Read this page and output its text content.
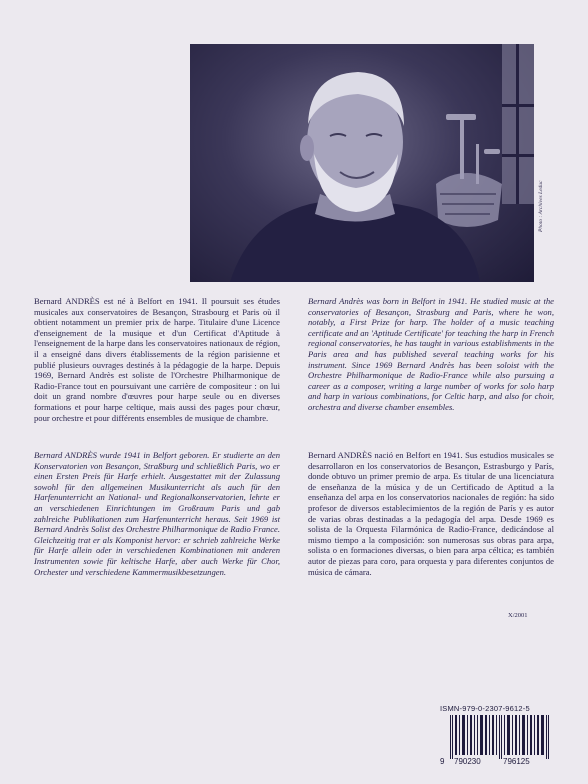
Photo : Archives Leduc

Bernard ANDRÈS est né à Belfort en 1941. Il poursuit ses études musicales aux conservatoires de Besançon, Strasbourg et Paris où il obtient notamment un premier prix de harpe. Titulaire d'une Licence d'enseignement de la musique et d'un Certificat d'Aptitude à l'enseignement de la harpe dans les conservatoires nationaux de région, il a enseigné dans divers établissements de la région parisienne et publié plusieurs ouvrages destinés à la pédagogie de la harpe. Depuis 1969, Bernard Andrès est soliste de l'Orchestre Philharmonique de Radio-France tout en poursuivant une carrière de compositeur : on lui doit un grand nombre d'œuvres pour harpe seule ou en diverses formations et pour harpe celtique, mais aussi des pages pour chœur, pour orchestre et pour différents ensembles de musique de chambre.

Bernard Andrès was born in Belfort in 1941. He studied music at the conservatories of Besançon, Strasburg and Paris, where he won, notably, a First Prize for harp. The holder of a music teaching certificate and an 'Aptitude Certificate' for teaching the harp in French regional conservatories, he has taught in various establishments in the Paris area and has published several teaching works for his instrument. Since 1969 Bernard Andrès has been soloist with the Orchestre Philharmonique de Radio-France while also pursuing a career as a composer, writing a large number of works for solo harp and harp in various combinations, for Celtic harp, and also for choir, orchestra and diverse chamber ensembles.

Bernard ANDRÈS wurde 1941 in Belfort geboren. Er studierte an den Konservatorien von Besançon, Straßburg und schließlich Paris, wo er einen Ersten Preis für Harfe erhielt. Ausgestattet mit der Zulassung sowohl für den allgemeinen Musikunterricht als auch für den Harfenunterricht an National- und Regionalkonservatorien, lehrte er an verschiedenen Einrichtungen im Großraum Paris und gab zahlreiche Publikationen zum Harfenunterricht heraus. Seit 1969 ist Bernard Andrès Solist des Orchestre Philharmonique de Radio France. Gleichzeitig trat er als Komponist hervor: er schrieb zahlreiche Werke für Harfe allein oder in verschiedenen Kombinationen mit anderen Instrumenten sowie für keltische Harfe, aber auch Werke für Chor, Orchester und verschiedene Kammermusikbesetzungen.

Bernard ANDRÈS nació en Belfort en 1941. Sus estudios musicales se desarrollaron en los conservatorios de Besançon, Estrasburgo y París, donde obtuvo un primer premio de arpa. Es titular de una licenciatura de enseñanza de la música y de un Certificado de Aptitud a la enseñanza del arpa en los conservatorios nacionales de región: ha sido profesor de diversos establecimientos de la región de París y es autor de varias obras destinadas a la pedagogía del arpa. Desde 1969 es solista de la Orquesta Filarmónica de Radio-France, dedicándose al mismo tiempo a la composición: son numerosas sus obras para arpa, solista o en formaciones diversas, o bien para arpa céltica; es también autor de piezas para coro, para orquesta y para diferentes conjuntos de música de cámara.

X/2001
ISMN-979-0-2307-9612-5
9 790230	796125
